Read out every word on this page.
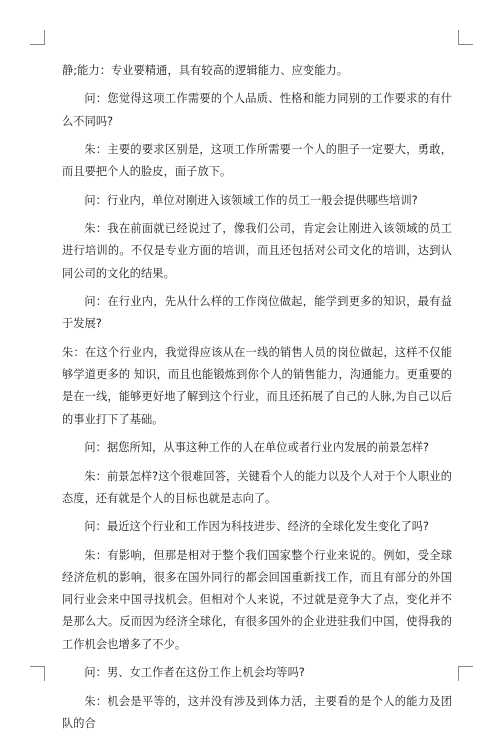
静;能力：专业要精通，具有较高的逻辑能力、应变能力。

问：您觉得这项工作需要的个人品质、性格和能力同别的工作要求的有什么不同吗?

朱：主要的要求区别是，这项工作所需要一个人的胆子一定要大，勇敢，而且要把个人的脸皮，面子放下。

问：行业内，单位对刚进入该领域工作的员工一般会提供哪些培训?

朱：我在前面就已经说过了，像我们公司，肯定会让刚进入该领域的员工进行培训的。不仅是专业方面的培训，而且还包括对公司文化的培训，达到认同公司的文化的结果。

问：在行业内，先从什么样的工作岗位做起，能学到更多的知识，最有益于发展?

朱：在这个行业内，我觉得应该从在一线的销售人员的岗位做起，这样不仅能够学道更多的 知识，而且也能锻炼到你个人的销售能力，沟通能力。更重要的是在一线，能够更好地了解到这个行业，而且还拓展了自己的人脉,为自己以后的事业打下了基础。

问：据您所知，从事这种工作的人在单位或者行业内发展的前景怎样?

朱：前景怎样?这个很难回答，关键看个人的能力以及个人对于个人职业的态度，还有就是个人的目标也就是志向了。

问：最近这个行业和工作因为科技进步、经济的全球化发生变化了吗?

朱：有影响，但那是相对于整个我们国家整个行业来说的。例如，受全球经济危机的影响，很多在国外同行的都会回国重新找工作，而且有部分的外国同行业会来中国寻找机会。但相对个人来说，不过就是竞争大了点，变化并不是那么大。反而因为经济全球化，有很多国外的企业进驻我们中国，使得我的工作机会也增多了不少。

问：男、女工作者在这份工作上机会均等吗?

朱：机会是平等的，这并没有涉及到体力活，主要看的是个人的能力及团队的合
